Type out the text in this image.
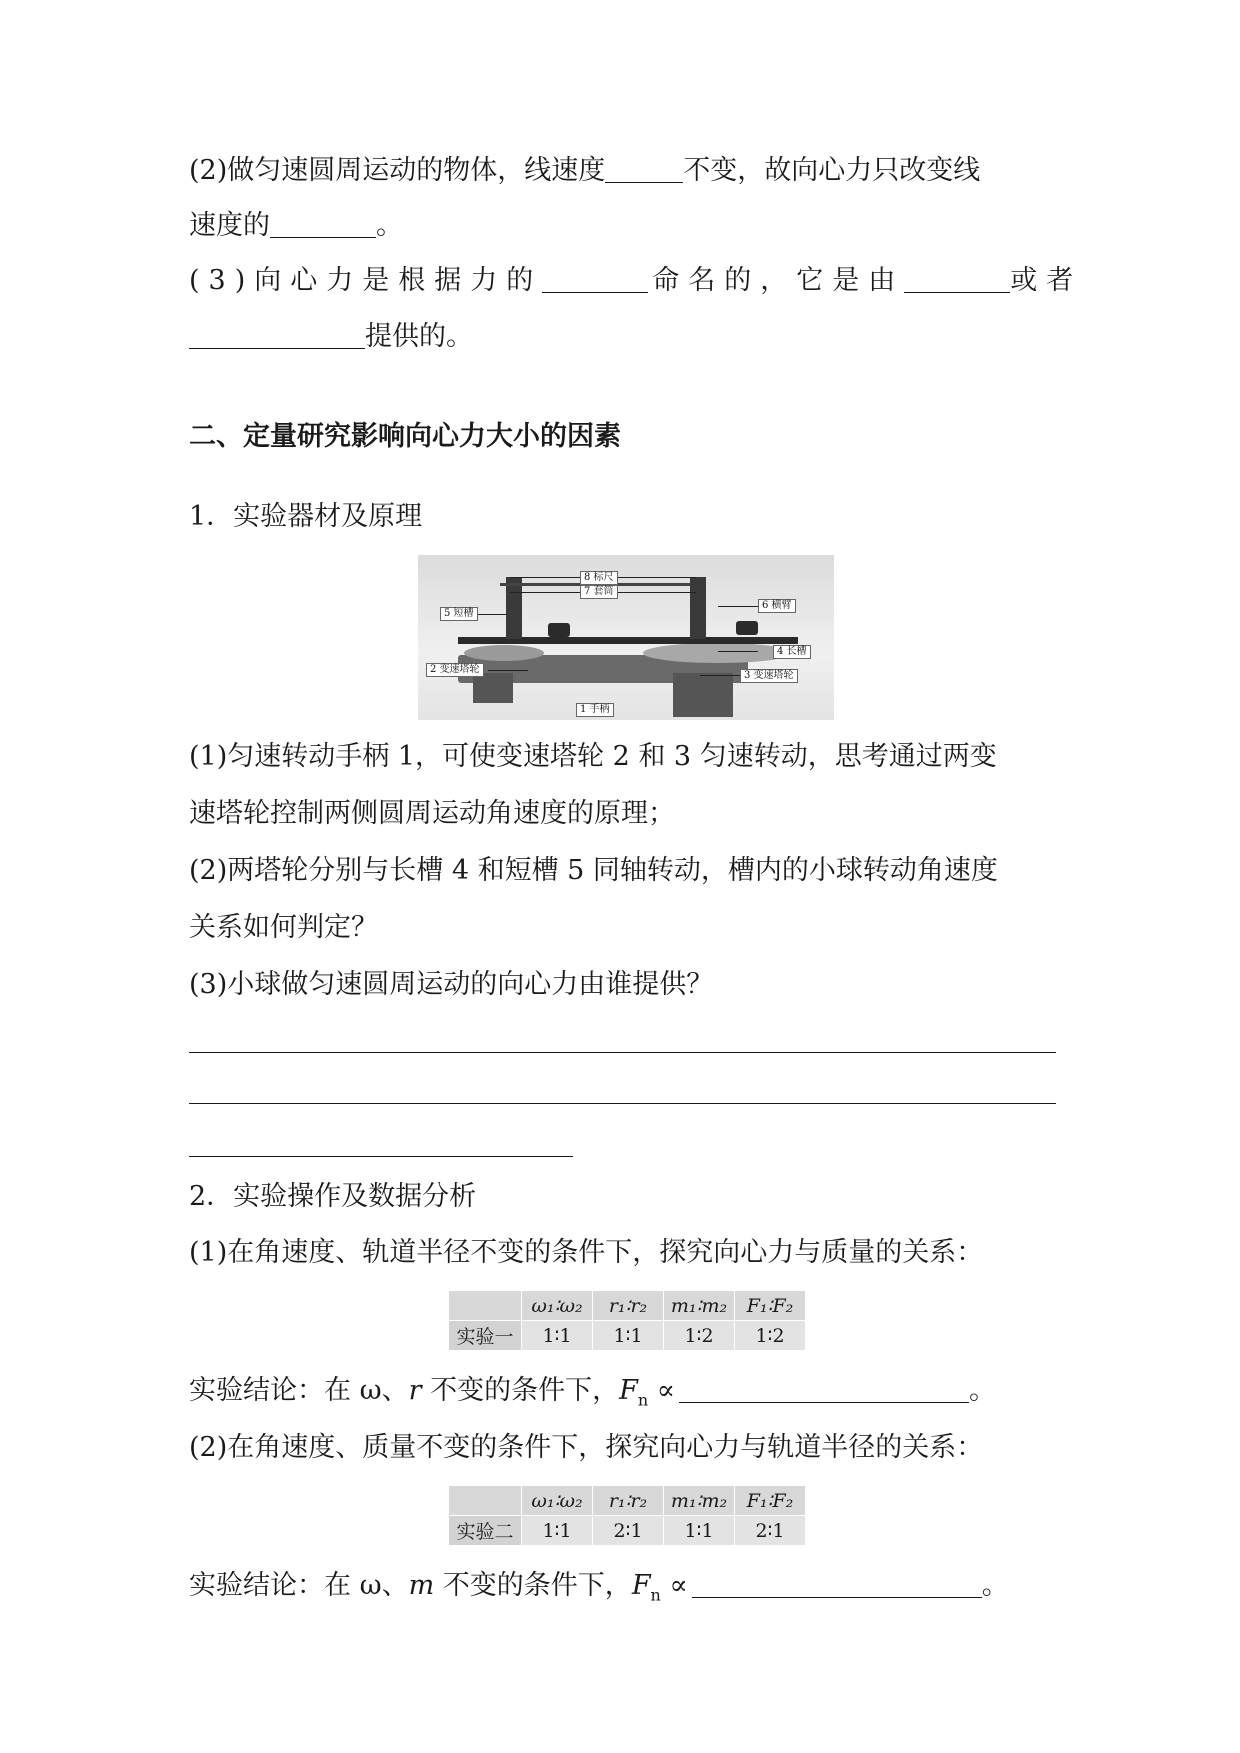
(2)做匀速圆周运动的物体，线速度	不变，故向心力只改变线
速度的	。
(3)向心力是根据力的	命名的，它是由	或者
提供的。
二、定量研究影响向心力大小的因素
1．实验器材及原理
8 标尺
7 套筒
5 短槽
6 横臂
4 长槽
2 变速塔轮
3 变速塔轮
1 手柄
(1)匀速转动手柄 1，可使变速塔轮 2 和 3 匀速转动，思考通过两变
速塔轮控制两侧圆周运动角速度的原理；
(2)两塔轮分别与长槽 4 和短槽 5 同轴转动，槽内的小球转动角速度
关系如何判定？
(3)小球做匀速圆周运动的向心力由谁提供？
2．实验操作及数据分析
(1)在角速度、轨道半径不变的条件下，探究向心力与质量的关系：
	ω₁∶ω₂	r₁∶r₂	m₁∶m₂	F₁∶F₂
实验一	1∶1	1∶1	1∶2	1∶2
实验结论：在 ω、r 不变的条件下，$F_n$ ∝	。
(2)在角速度、质量不变的条件下，探究向心力与轨道半径的关系：
	ω₁∶ω₂	r₁∶r₂	m₁∶m₂	F₁∶F₂
实验二	1∶1	2∶1	1∶1	2∶1
实验结论：在 ω、m 不变的条件下，$F_n$ ∝	。
